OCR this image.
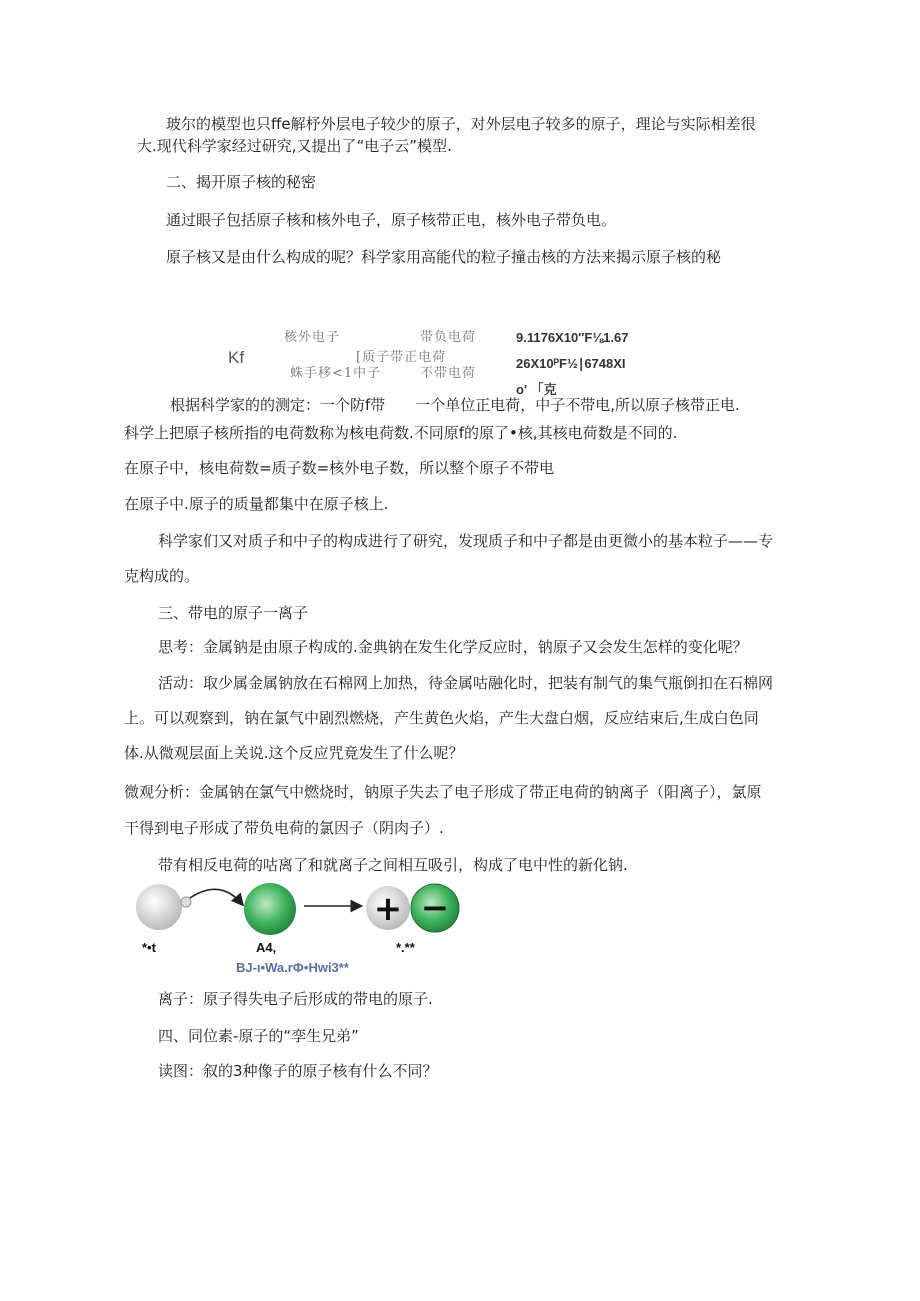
玻尔的模型也只ffe解杼外层电子较少的原子，对外层电子较多的原子，理论与实际相差很
大.现代科学家经过研究,又提出了“电子云”模型.
二、揭开原子核的秘密
通过眼子包括原子核和核外电子，原子核带正电，核外电子带负电。
原子核又是由什么构成的呢？科学家用高能代的粒子撞击核的方法来揭示原子核的秘
Kf
核外电子	带负电荷	9.1176X10″F⅛1.67
[质子带正电荷	26X10ᴾF½∣6748XI
蛛手移<1中子	不带电荷
o' 「克
根据科学家的的测定：一个防f带　　一个单位正电荷，中子不带电,所以原子核带正电.
科学上把原子核所指的电荷数称为核电荷数.不同原f的原了•核,其核电荷数是不同的.
在原子中，核电荷数=质子数=核外电子数，所以整个原子不带电
在原子中.原子的质量都集中在原子核上.
科学家们又对质子和中子的构成进行了研究，发现质子和中子都是由更微小的基本粒子——专
克构成的。
三、带电的原子一离子
思考：金属钠是由原子构成的.金典钠在发生化学反应时，钠原子又会发生怎样的变化呢？
活动：取少属金属钠放在石棉网上加热，待金属咕融化时，把装有制气的集气瓶倒扣在石棉网
上。可以观察到，钠在氯气中剧烈燃烧，产生黄色火焰，产生大盘白烟，反应结束后,生成白色同
体.从微观层面上关说.这个反应咒竟发生了什么呢？
微观分析：金属钠在氯气中燃烧时，钠原子失去了电子形成了带正电荷的钠离子（阳离子），氯原
干得到电子形成了带负电荷的氯因子（阴肉子）.
带有相反电荷的咕离了和就离子之间相互吸引，构成了电中性的新化钠.
+ −
*•t	A4,	*.**
BJ-ι•Wa.rФ•Hwi3**
离子：原子得失电子后形成的带电的原子.
四、同位素-原子的“孪生兄弟”
读图：叙的3种像子的原子核有什么不同？
